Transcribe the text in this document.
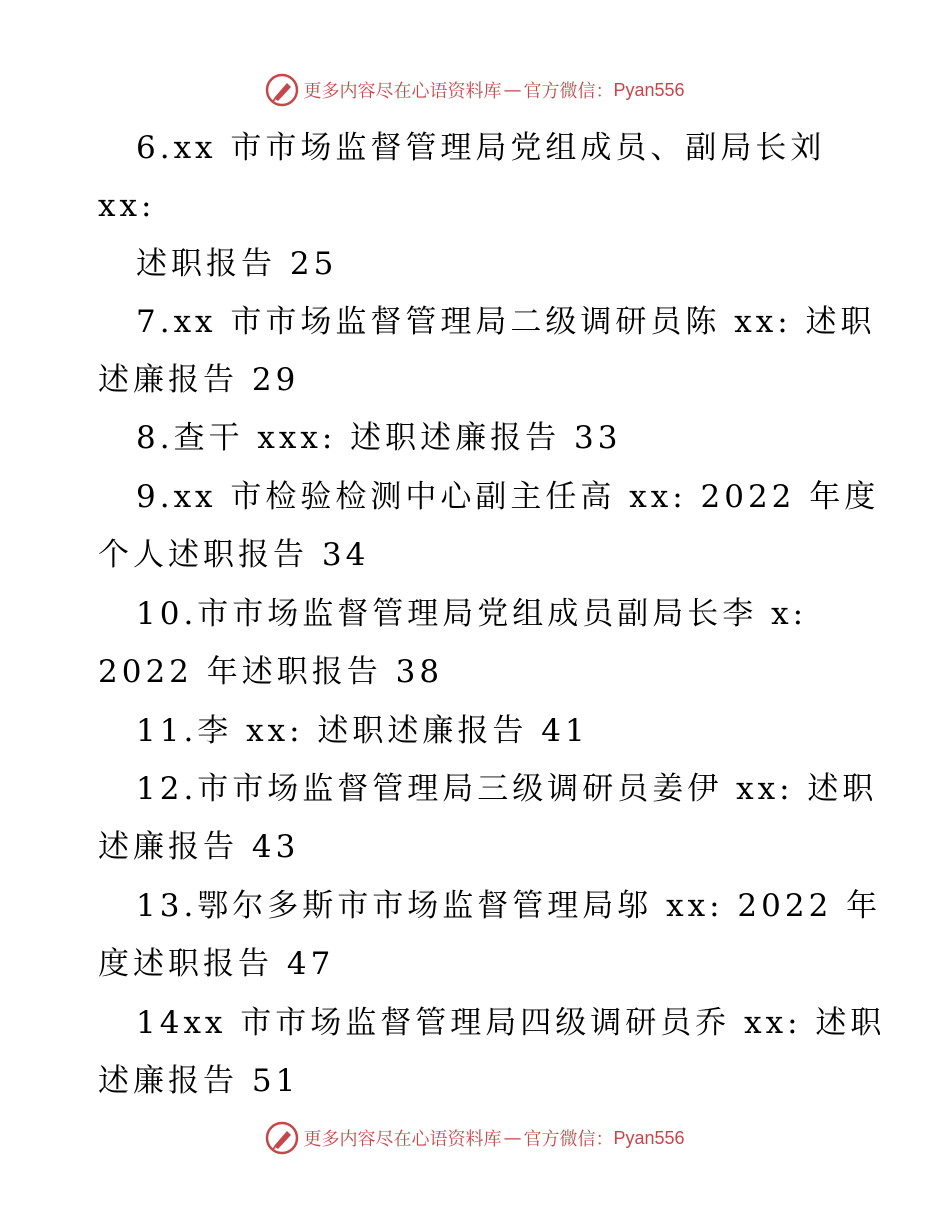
更多内容尽在心语资料库 — 官方微信： Pyan556
6.xx 市市场监督管理局党组成员、副局长刘
xx:
述职报告 25
7.xx 市市场监督管理局二级调研员陈 xx: 述职
述廉报告 29
8.查干 xxx: 述职述廉报告 33
9.xx 市检验检测中心副主任高 xx: 2022 年度
个人述职报告 34
10.市市场监督管理局党组成员副局长李 x:
2022 年述职报告 38
11.李 xx: 述职述廉报告 41
12.市市场监督管理局三级调研员姜伊 xx: 述职
述廉报告 43
13.鄂尔多斯市市场监督管理局邬 xx: 2022 年
度述职报告 47
14xx 市市场监督管理局四级调研员乔 xx: 述职
述廉报告 51
更多内容尽在心语资料库 — 官方微信： Pyan556
